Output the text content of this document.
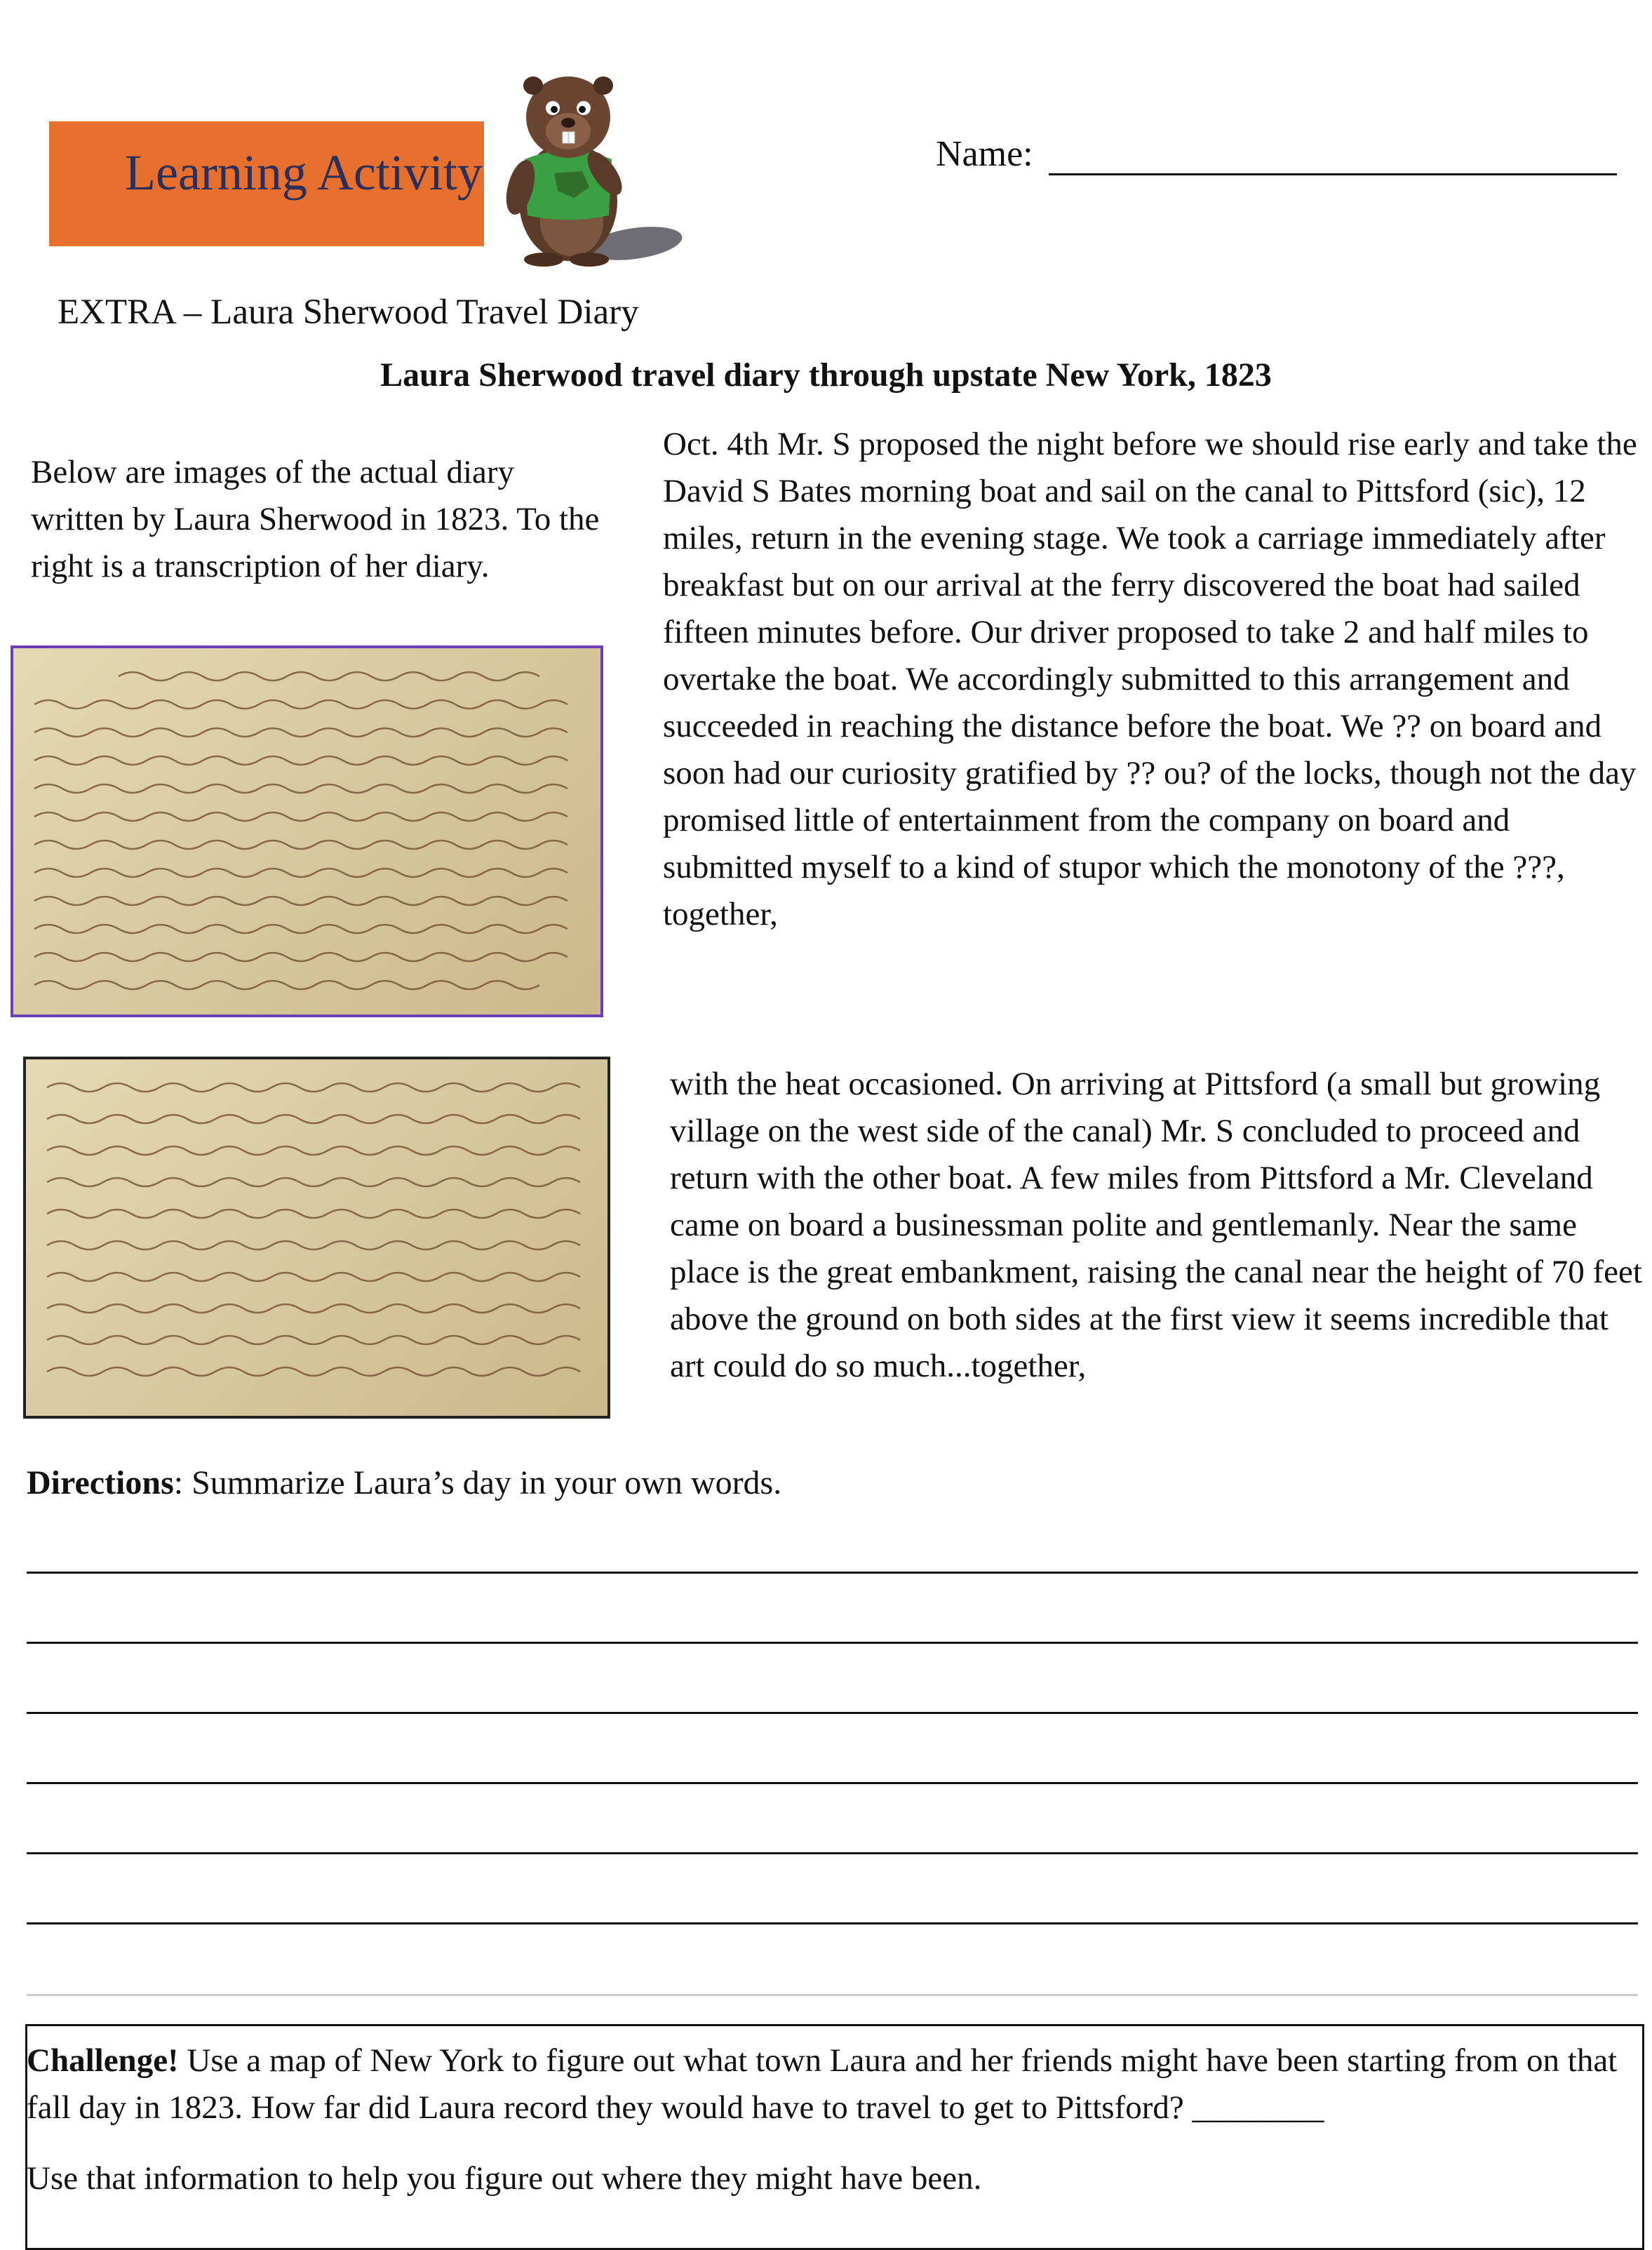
Learning Activity	Name:
EXTRA – Laura Sherwood Travel Diary
Laura Sherwood travel diary through upstate New York, 1823
Below are images of the actual diary written by Laura Sherwood in 1823. To the right is a transcription of her diary.
Oct. 4th Mr. S proposed the night before we should rise early and take the David S Bates morning boat and sail on the canal to Pittsford (sic), 12 miles, return in the evening stage. We took a carriage immediately after breakfast but on our arrival at the ferry discovered the boat had sailed fifteen minutes before. Our driver proposed to take 2 and half miles to overtake the boat. We accordingly submitted to this arrangement and succeeded in reaching the distance before the boat. We ?? on board and soon had our curiosity gratified by ?? ou? of the locks, though not the day promised little of entertainment from the company on board and submitted myself to a kind of stupor which the monotony of the ???, together,
with the heat occasioned. On arriving at Pittsford (a small but growing village on the west side of the canal) Mr. S concluded to proceed and return with the other boat. A few miles from Pittsford a Mr. Cleveland came on board a businessman polite and gentlemanly. Near the same place is the great embankment, raising the canal near the height of 70 feet above the ground on both sides at the first view it seems incredible that art could do so much...together,
Directions: Summarize Laura’s day in your own words.
Challenge! Use a map of New York to figure out what town Laura and her friends might have been starting from on that fall day in 1823. How far did Laura record they would have to travel to get to Pittsford? ________
Use that information to help you figure out where they might have been.
